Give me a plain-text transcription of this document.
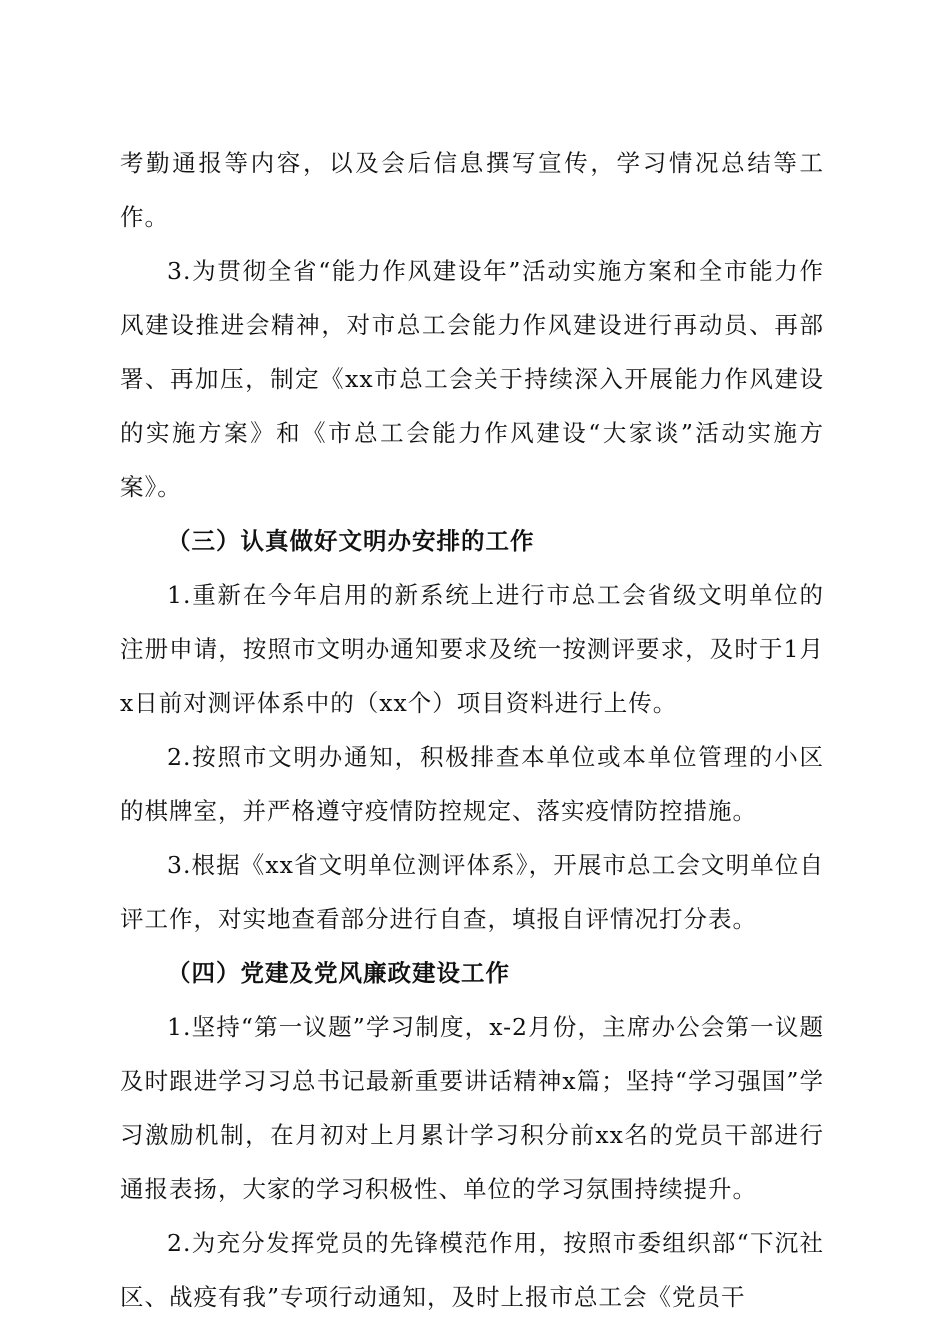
考勤通报等内容，以及会后信息撰写宣传，学习情况总结等工作。

3.为贯彻全省“能力作风建设年”活动实施方案和全市能力作风建设推进会精神，对市总工会能力作风建设进行再动员、再部署、再加压，制定《xx市总工会关于持续深入开展能力作风建设的实施方案》和《市总工会能力作风建设“大家谈”活动实施方案》。

（三）认真做好文明办安排的工作

1.重新在今年启用的新系统上进行市总工会省级文明单位的注册申请，按照市文明办通知要求及统一按测评要求，及时于1月x日前对测评体系中的（xx个）项目资料进行上传。

2.按照市文明办通知，积极排查本单位或本单位管理的小区的棋牌室，并严格遵守疫情防控规定、落实疫情防控措施。

3.根据《xx省文明单位测评体系》，开展市总工会文明单位自评工作，对实地查看部分进行自查，填报自评情况打分表。

（四）党建及党风廉政建设工作

1.坚持“第一议题”学习制度，x-2月份，主席办公会第一议题及时跟进学习习总书记最新重要讲话精神x篇；坚持“学习强国”学习激励机制，在月初对上月累计学习积分前xx名的党员干部进行通报表扬，大家的学习积极性、单位的学习氛围持续提升。

2.为充分发挥党员的先锋模范作用，按照市委组织部“下沉社区、战疫有我”专项行动通知，及时上报市总工会《党员干
